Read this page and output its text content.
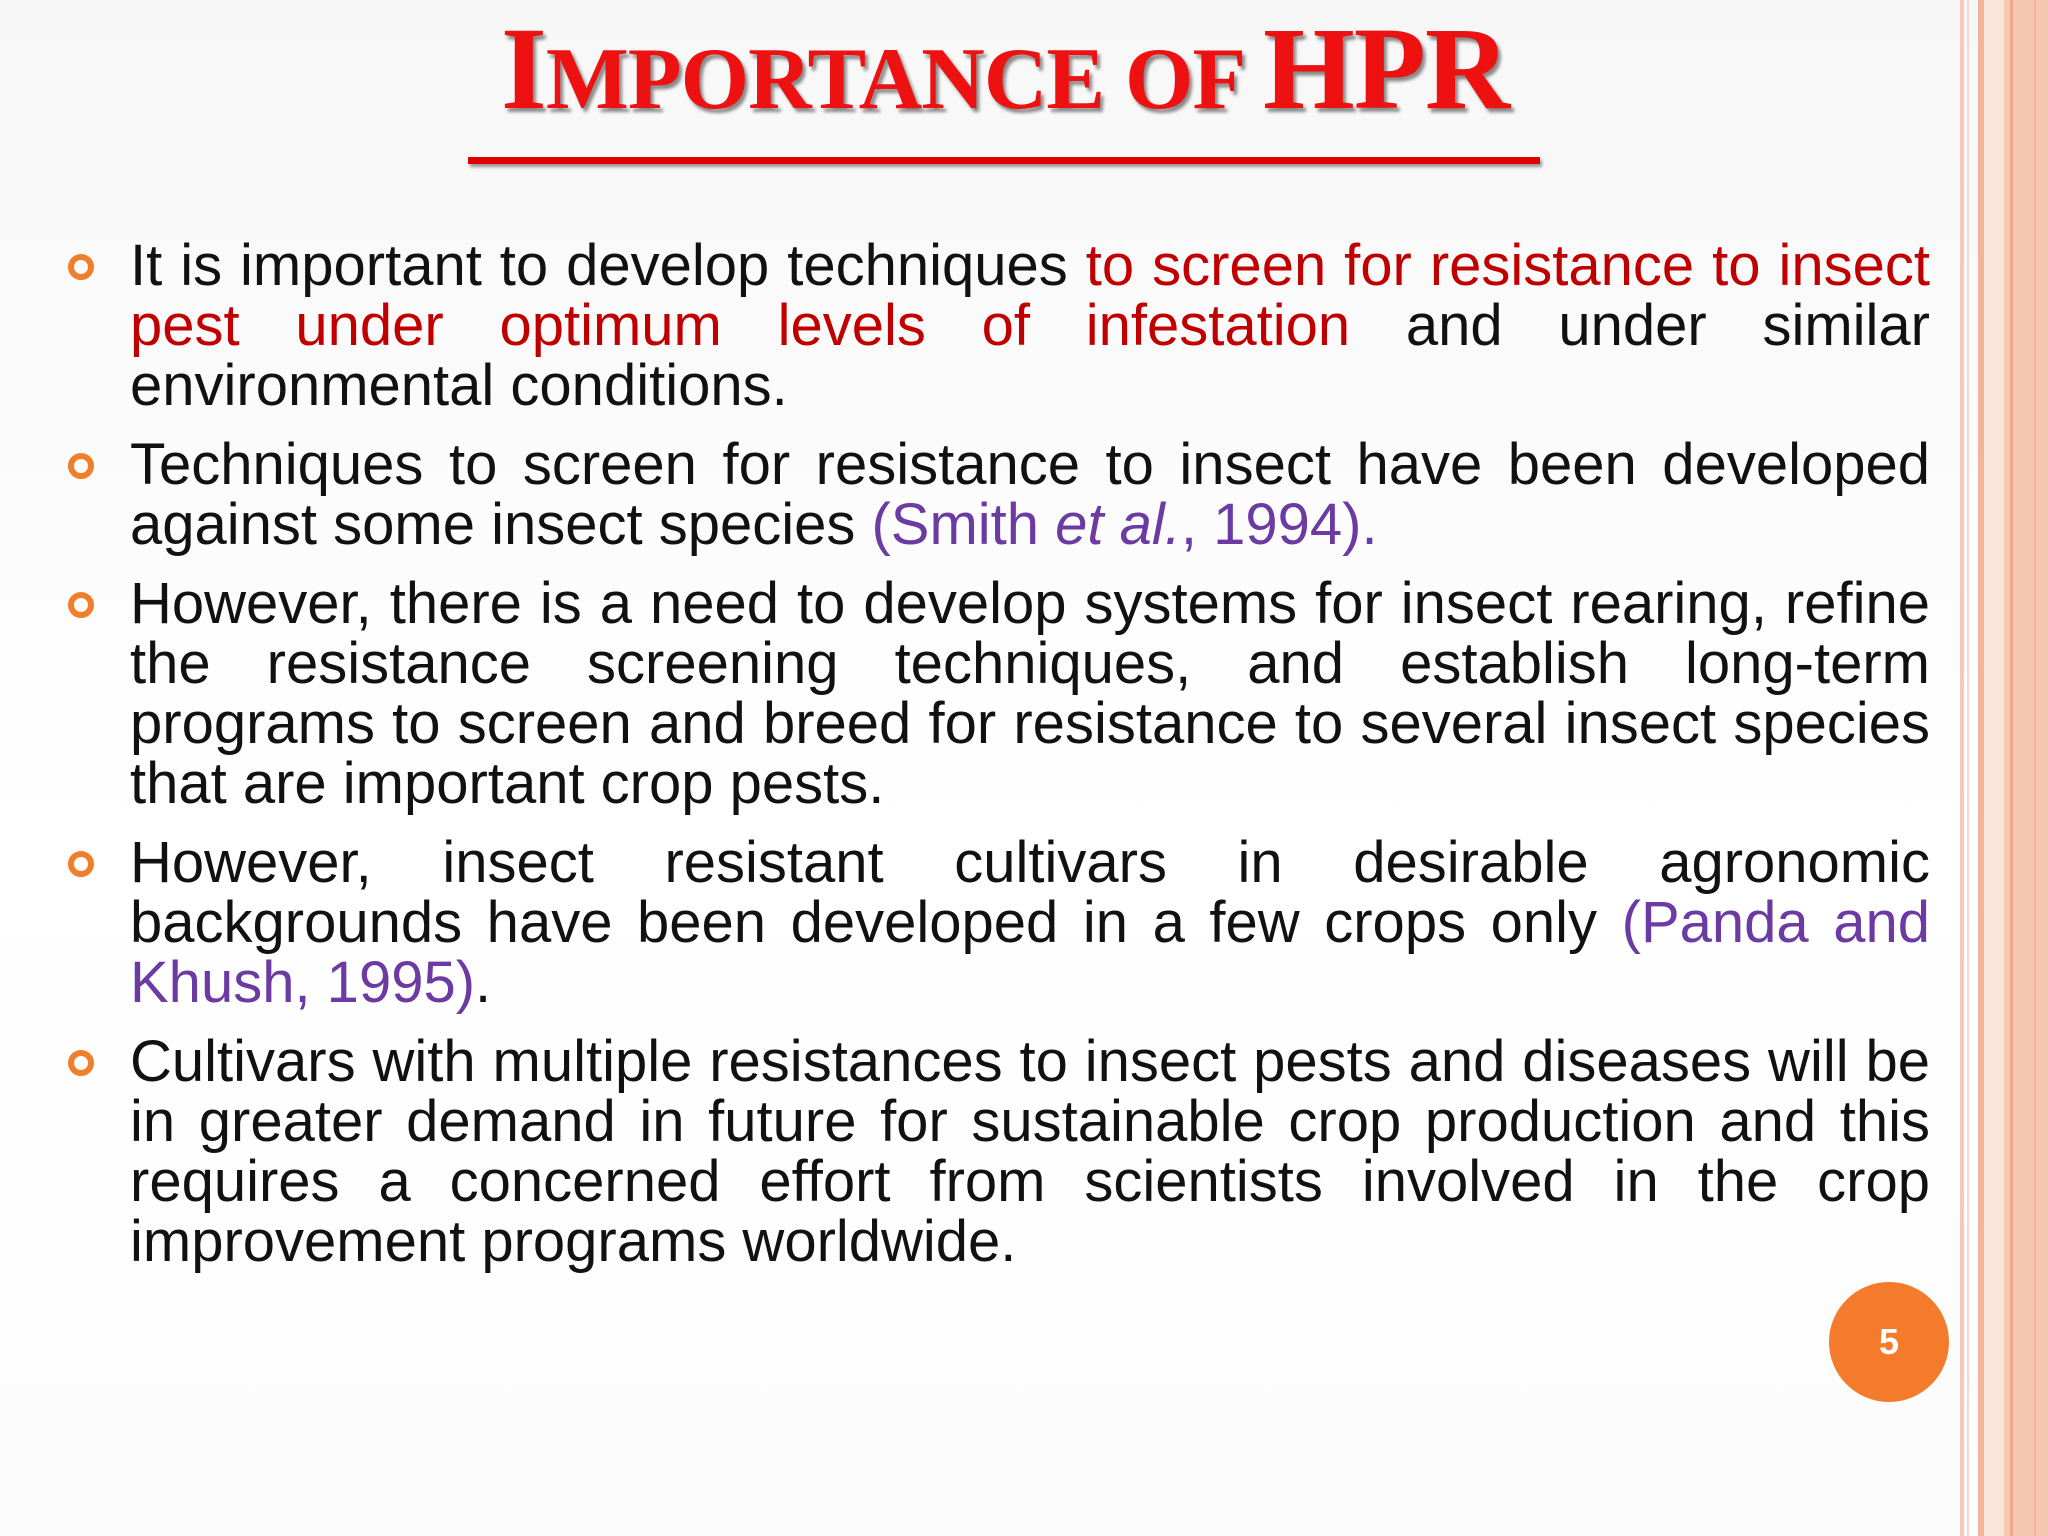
IMPORTANCE OF HPR
It is important to develop techniques to screen for resistance to insect pest under optimum levels of infestation and under similar environmental conditions.
Techniques to screen for resistance to insect have been developed against some insect species (Smith et al., 1994).
However, there is a need to develop systems for insect rearing, refine the resistance screening techniques, and establish long-term programs to screen and breed for resistance to several insect species that are important crop pests.
However, insect resistant cultivars in desirable agronomic backgrounds have been developed in a few crops only (Panda and Khush, 1995).
Cultivars with multiple resistances to insect pests and diseases will be in greater demand in future for sustainable crop production and this requires a concerned effort from scientists involved in the crop improvement programs worldwide.
5
